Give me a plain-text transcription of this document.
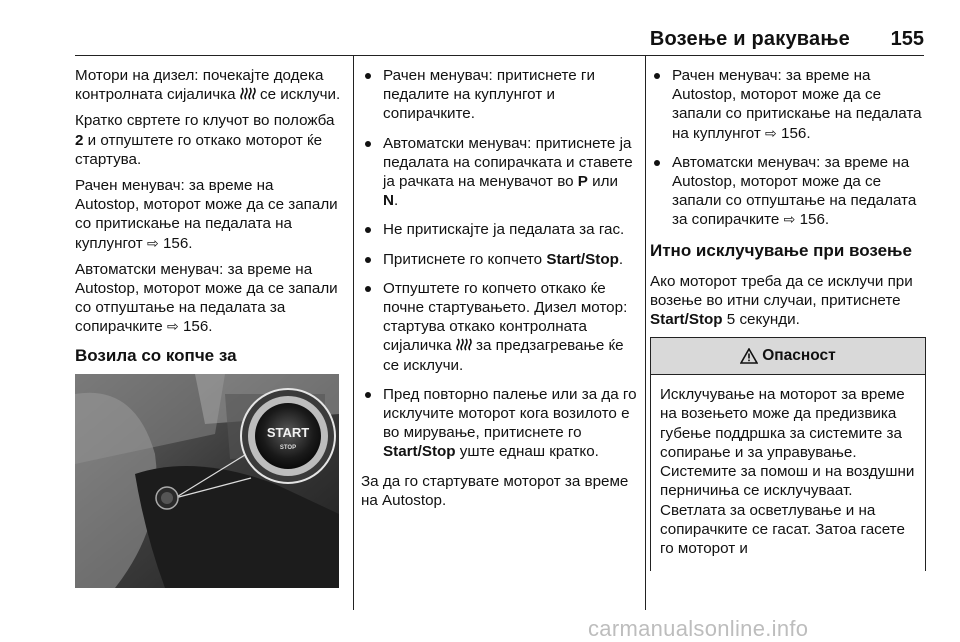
Возење и ракување 155

Мотори на дизел: почекајте додека контролната сијаличка  се исклучи.

Кратко свртете го клучот во положба 2 и отпуштете го откако моторот ќе стартува.

Рачен менувач: за време на Autostop, моторот може да се запали со притискање на педалата на куплунгот ⇨ 156.

Автоматски менувач: за време на Autostop, моторот може да се запали со отпуштање на педалата за сопирачките ⇨ 156.

Возила со копче за
START
STOP
Рачен менувач: притиснете ги педалите на куплунгот и сопирачките.
Автоматски менувач: притиснете ја педалата на сопирачката и ставете ја рачката на менувачот во P или N.
Не притискајте ја педалата за гас.
Притиснете го копчето Start/Stop.
Отпуштете го копчето откако ќе почне стартувањето. Дизел мотор: стартува откако контролната сијаличка  за предзагревање ќе се исклучи.
Пред повторно палење или за да го исклучите моторот кога возилото е во мирување, притиснете го Start/Stop уште еднаш кратко.

За да го стартувате моторот за време на Autostop.

Рачен менувач: за време на Autostop, моторот може да се запали со притискање на педалата на куплунгот ⇨ 156.
Автоматски менувач: за време на Autostop, моторот може да се запали со отпуштање на педалата за сопирачките ⇨ 156.
Итно исклучување при возење

Ако моторот треба да се исклучи при возење во итни случаи, притиснете Start/Stop 5 секунди.

Опасност
Исклучување на моторот за време на возењето може да предизвика губење поддршка за системите за сопирање и за управување. Системите за помош и на воздушни перничиња се исклучуваат. Светлата за осветлување и на сопирачките се гасат. Затоа гасете го моторот и
carmanualsonline.info
